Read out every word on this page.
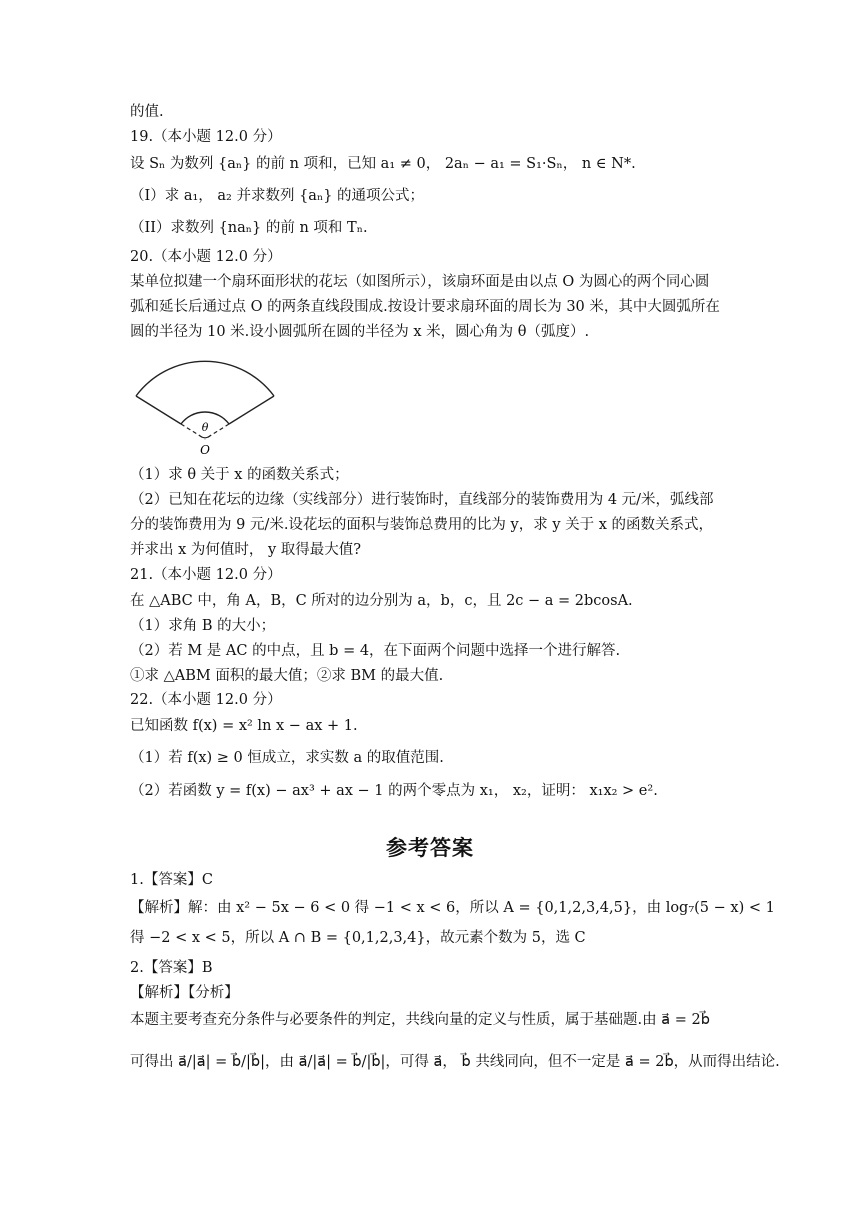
的值.
19.（本小题 12.0 分）
设 Sₙ 为数列 {aₙ} 的前 n 项和，已知 a₁ ≠ 0， 2aₙ − a₁ = S₁·Sₙ， n ∈ N*.
（I）求 a₁， a₂ 并求数列 {aₙ} 的通项公式；
（II）求数列 {naₙ} 的前 n 项和 Tₙ.
20.（本小题 12.0 分）
某单位拟建一个扇环面形状的花坛（如图所示），该扇环面是由以点 O 为圆心的两个同心圆
弧和延长后通过点 O 的两条直线段围成.按设计要求扇环面的周长为 30 米，其中大圆弧所在
圆的半径为 10 米.设小圆弧所在圆的半径为 x 米，圆心角为 θ（弧度）.
θ
O
（1）求 θ 关于 x 的函数关系式；
（2）已知在花坛的边缘（实线部分）进行装饰时，直线部分的装饰费用为 4 元/米，弧线部
分的装饰费用为 9 元/米.设花坛的面积与装饰总费用的比为 y，求 y 关于 x 的函数关系式，
并求出 x 为何值时， y 取得最大值?
21.（本小题 12.0 分）
在 △ABC 中，角 A，B，C 所对的边分别为 a，b，c，且 2c − a = 2bcosA.
（1）求角 B 的大小；
（2）若 M 是 AC 的中点，且 b = 4，在下面两个问题中选择一个进行解答.
①求 △ABM 面积的最大值；②求 BM 的最大值.
22.（本小题 12.0 分）
已知函数 f(x) = x² ln x − ax + 1.
（1）若 f(x) ≥ 0 恒成立，求实数 a 的取值范围.
（2）若函数 y = f(x) − ax³ + ax − 1 的两个零点为 x₁， x₂，证明： x₁x₂ > e².
参考答案
1.【答案】C
【解析】解：由 x² − 5x − 6 < 0 得 −1 < x < 6，所以 A = {0,1,2,3,4,5}，由 log₇(5 − x) < 1
得 −2 < x < 5，所以 A ∩ B = {0,1,2,3,4}，故元素个数为 5，选 C
2.【答案】B
【解析】【分析】
本题主要考查充分条件与必要条件的判定，共线向量的定义与性质，属于基础题.由 a⃗ = 2b⃗
可得出 a⃗/|a⃗| = b⃗/|b⃗|，由 a⃗/|a⃗| = b⃗/|b⃗|，可得 a⃗， b⃗ 共线同向，但不一定是 a⃗ = 2b⃗，从而得出结论.
